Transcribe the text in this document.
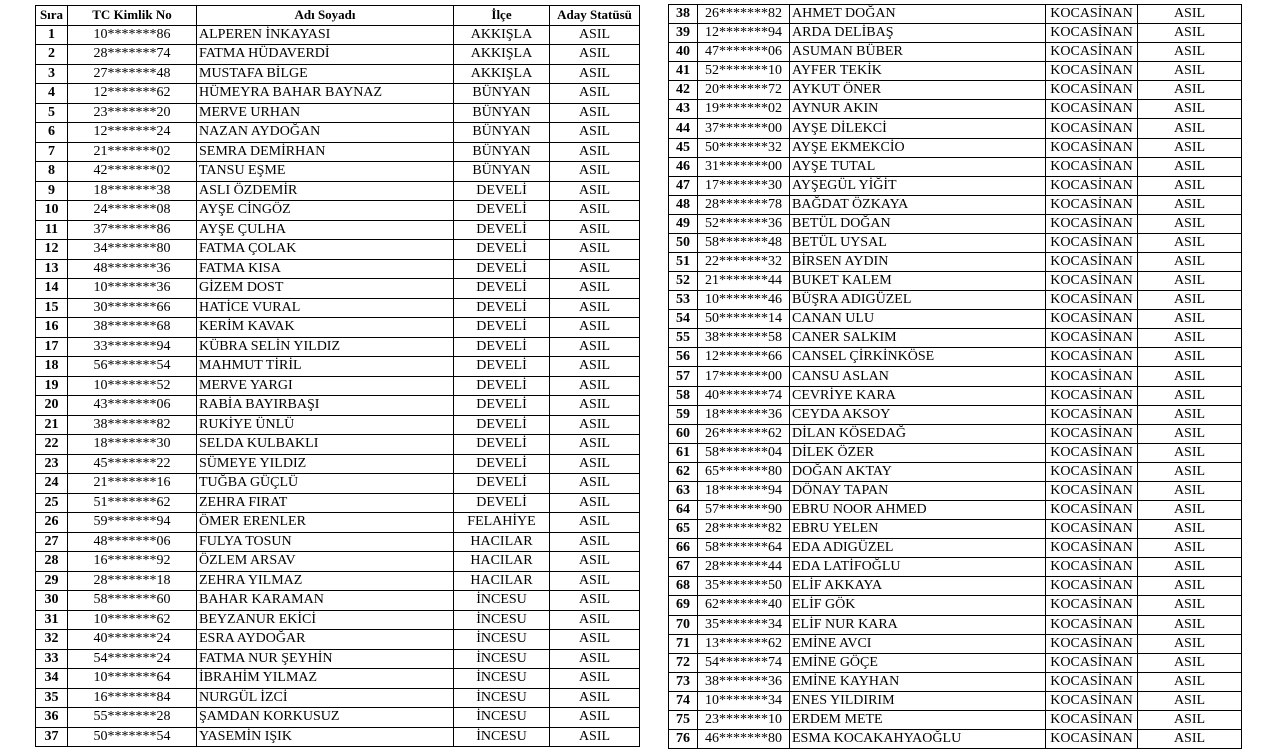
Sıra	TC Kimlik No	Adı Soyadı	İlçe	Aday Statüsü
1	10*******86	ALPEREN İNKAYASI	AKKIŞLA	ASIL
2	28*******74	FATMA HÜDAVERDİ	AKKIŞLA	ASIL
3	27*******48	MUSTAFA BİLGE	AKKIŞLA	ASIL
4	12*******62	HÜMEYRA BAHAR BAYNAZ	BÜNYAN	ASIL
5	23*******20	MERVE URHAN	BÜNYAN	ASIL
6	12*******24	NAZAN AYDOĞAN	BÜNYAN	ASIL
7	21*******02	SEMRA DEMİRHAN	BÜNYAN	ASIL
8	42*******02	TANSU EŞME	BÜNYAN	ASIL
9	18*******38	ASLI ÖZDEMİR	DEVELİ	ASIL
10	24*******08	AYŞE CİNGÖZ	DEVELİ	ASIL
11	37*******86	AYŞE ÇULHA	DEVELİ	ASIL
12	34*******80	FATMA ÇOLAK	DEVELİ	ASIL
13	48*******36	FATMA KISA	DEVELİ	ASIL
14	10*******36	GİZEM DOST	DEVELİ	ASIL
15	30*******66	HATİCE VURAL	DEVELİ	ASIL
16	38*******68	KERİM KAVAK	DEVELİ	ASIL
17	33*******94	KÜBRA SELİN YILDIZ	DEVELİ	ASIL
18	56*******54	MAHMUT TİRİL	DEVELİ	ASIL
19	10*******52	MERVE YARGI	DEVELİ	ASIL
20	43*******06	RABİA BAYIRBAŞI	DEVELİ	ASIL
21	38*******82	RUKİYE ÜNLÜ	DEVELİ	ASIL
22	18*******30	SELDA KULBAKLI	DEVELİ	ASIL
23	45*******22	SÜMEYE YILDIZ	DEVELİ	ASIL
24	21*******16	TUĞBA GÜÇLÜ	DEVELİ	ASIL
25	51*******62	ZEHRA FIRAT	DEVELİ	ASIL
26	59*******94	ÖMER ERENLER	FELAHİYE	ASIL
27	48*******06	FULYA TOSUN	HACILAR	ASIL
28	16*******92	ÖZLEM ARSAV	HACILAR	ASIL
29	28*******18	ZEHRA YILMAZ	HACILAR	ASIL
30	58*******60	BAHAR KARAMAN	İNCESU	ASIL
31	10*******62	BEYZANUR EKİCİ	İNCESU	ASIL
32	40*******24	ESRA AYDOĞAR	İNCESU	ASIL
33	54*******24	FATMA NUR ŞEYHİN	İNCESU	ASIL
34	10*******64	İBRAHİM YILMAZ	İNCESU	ASIL
35	16*******84	NURGÜL İZCİ	İNCESU	ASIL
36	55*******28	ŞAMDAN KORKUSUZ	İNCESU	ASIL
37	50*******54	YASEMİN IŞIK	İNCESU	ASIL
38	26*******82	AHMET DOĞAN	KOCASİNAN	ASIL
39	12*******94	ARDA DELİBAŞ	KOCASİNAN	ASIL
40	47*******06	ASUMAN BÜBER	KOCASİNAN	ASIL
41	52*******10	AYFER TEKİK	KOCASİNAN	ASIL
42	20*******72	AYKUT ÖNER	KOCASİNAN	ASIL
43	19*******02	AYNUR AKIN	KOCASİNAN	ASIL
44	37*******00	AYŞE DİLEKCİ	KOCASİNAN	ASIL
45	50*******32	AYŞE EKMEKCİO	KOCASİNAN	ASIL
46	31*******00	AYŞE TUTAL	KOCASİNAN	ASIL
47	17*******30	AYŞEGÜL YİĞİT	KOCASİNAN	ASIL
48	28*******78	BAĞDAT ÖZKAYA	KOCASİNAN	ASIL
49	52*******36	BETÜL DOĞAN	KOCASİNAN	ASIL
50	58*******48	BETÜL UYSAL	KOCASİNAN	ASIL
51	22*******32	BİRSEN AYDIN	KOCASİNAN	ASIL
52	21*******44	BUKET KALEM	KOCASİNAN	ASIL
53	10*******46	BÜŞRA ADIGÜZEL	KOCASİNAN	ASIL
54	50*******14	CANAN ULU	KOCASİNAN	ASIL
55	38*******58	CANER SALKIM	KOCASİNAN	ASIL
56	12*******66	CANSEL ÇİRKİNKÖSE	KOCASİNAN	ASIL
57	17*******00	CANSU ASLAN	KOCASİNAN	ASIL
58	40*******74	CEVRİYE KARA	KOCASİNAN	ASIL
59	18*******36	CEYDA AKSOY	KOCASİNAN	ASIL
60	26*******62	DİLAN KÖSEDAĞ	KOCASİNAN	ASIL
61	58*******04	DİLEK ÖZER	KOCASİNAN	ASIL
62	65*******80	DOĞAN AKTAY	KOCASİNAN	ASIL
63	18*******94	DÖNAY TAPAN	KOCASİNAN	ASIL
64	57*******90	EBRU NOOR AHMED	KOCASİNAN	ASIL
65	28*******82	EBRU YELEN	KOCASİNAN	ASIL
66	58*******64	EDA ADIGÜZEL	KOCASİNAN	ASIL
67	28*******44	EDA LATİFOĞLU	KOCASİNAN	ASIL
68	35*******50	ELİF AKKAYA	KOCASİNAN	ASIL
69	62*******40	ELİF GÖK	KOCASİNAN	ASIL
70	35*******34	ELİF NUR KARA	KOCASİNAN	ASIL
71	13*******62	EMİNE AVCI	KOCASİNAN	ASIL
72	54*******74	EMİNE GÖÇE	KOCASİNAN	ASIL
73	38*******36	EMİNE KAYHAN	KOCASİNAN	ASIL
74	10*******34	ENES YILDIRIM	KOCASİNAN	ASIL
75	23*******10	ERDEM METE	KOCASİNAN	ASIL
76	46*******80	ESMA KOCAKAHYAOĞLU	KOCASİNAN	ASIL
